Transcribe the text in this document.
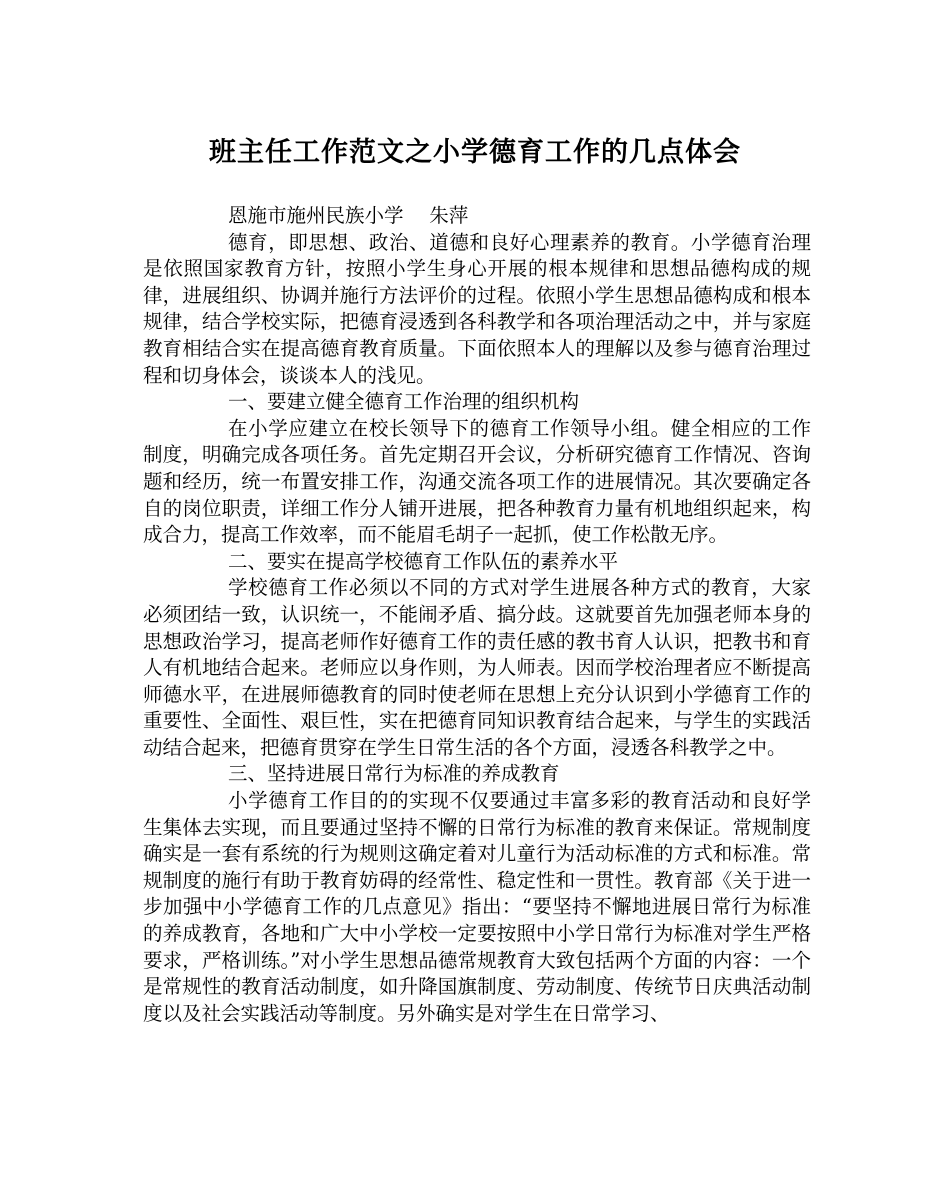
班主任工作范文之小学德育工作的几点体会

恩施市施州民族小学　 朱萍

德育，即思想、政治、道德和良好心理素养的教育。小学德育治理是依照国家教育方针，按照小学生身心开展的根本规律和思想品德构成的规律，进展组织、协调并施行方法评价的过程。依照小学生思想品德构成和根本规律，结合学校实际，把德育浸透到各科教学和各项治理活动之中，并与家庭教育相结合实在提高德育教育质量。下面依照本人的理解以及参与德育治理过程和切身体会，谈谈本人的浅见。

一、要建立健全德育工作治理的组织机构

在小学应建立在校长领导下的德育工作领导小组。健全相应的工作制度，明确完成各项任务。首先定期召开会议，分析研究德育工作情况、咨询题和经历，统一布置安排工作，沟通交流各项工作的进展情况。其次要确定各自的岗位职责，详细工作分人铺开进展，把各种教育力量有机地组织起来，构成合力，提高工作效率，而不能眉毛胡子一起抓，使工作松散无序。

二、要实在提高学校德育工作队伍的素养水平

学校德育工作必须以不同的方式对学生进展各种方式的教育，大家必须团结一致，认识统一，不能闹矛盾、搞分歧。这就要首先加强老师本身的思想政治学习，提高老师作好德育工作的责任感的教书育人认识，把教书和育人有机地结合起来。老师应以身作则，为人师表。因而学校治理者应不断提高师德水平，在进展师德教育的同时使老师在思想上充分认识到小学德育工作的重要性、全面性、艰巨性，实在把德育同知识教育结合起来，与学生的实践活动结合起来，把德育贯穿在学生日常生活的各个方面，浸透各科教学之中。

三、坚持进展日常行为标准的养成教育

小学德育工作目的的实现不仅要通过丰富多彩的教育活动和良好学生集体去实现，而且要通过坚持不懈的日常行为标准的教育来保证。常规制度确实是一套有系统的行为规则这确定着对儿童行为活动标准的方式和标准。常规制度的施行有助于教育妨碍的经常性、稳定性和一贯性。教育部《关于进一步加强中小学德育工作的几点意见》指出：“要坚持不懈地进展日常行为标准的养成教育，各地和广大中小学校一定要按照中小学日常行为标准对学生严格要求，严格训练。”对小学生思想品德常规教育大致包括两个方面的内容：一个是常规性的教育活动制度，如升降国旗制度、劳动制度、传统节日庆典活动制度以及社会实践活动等制度。另外确实是对学生在日常学习、
